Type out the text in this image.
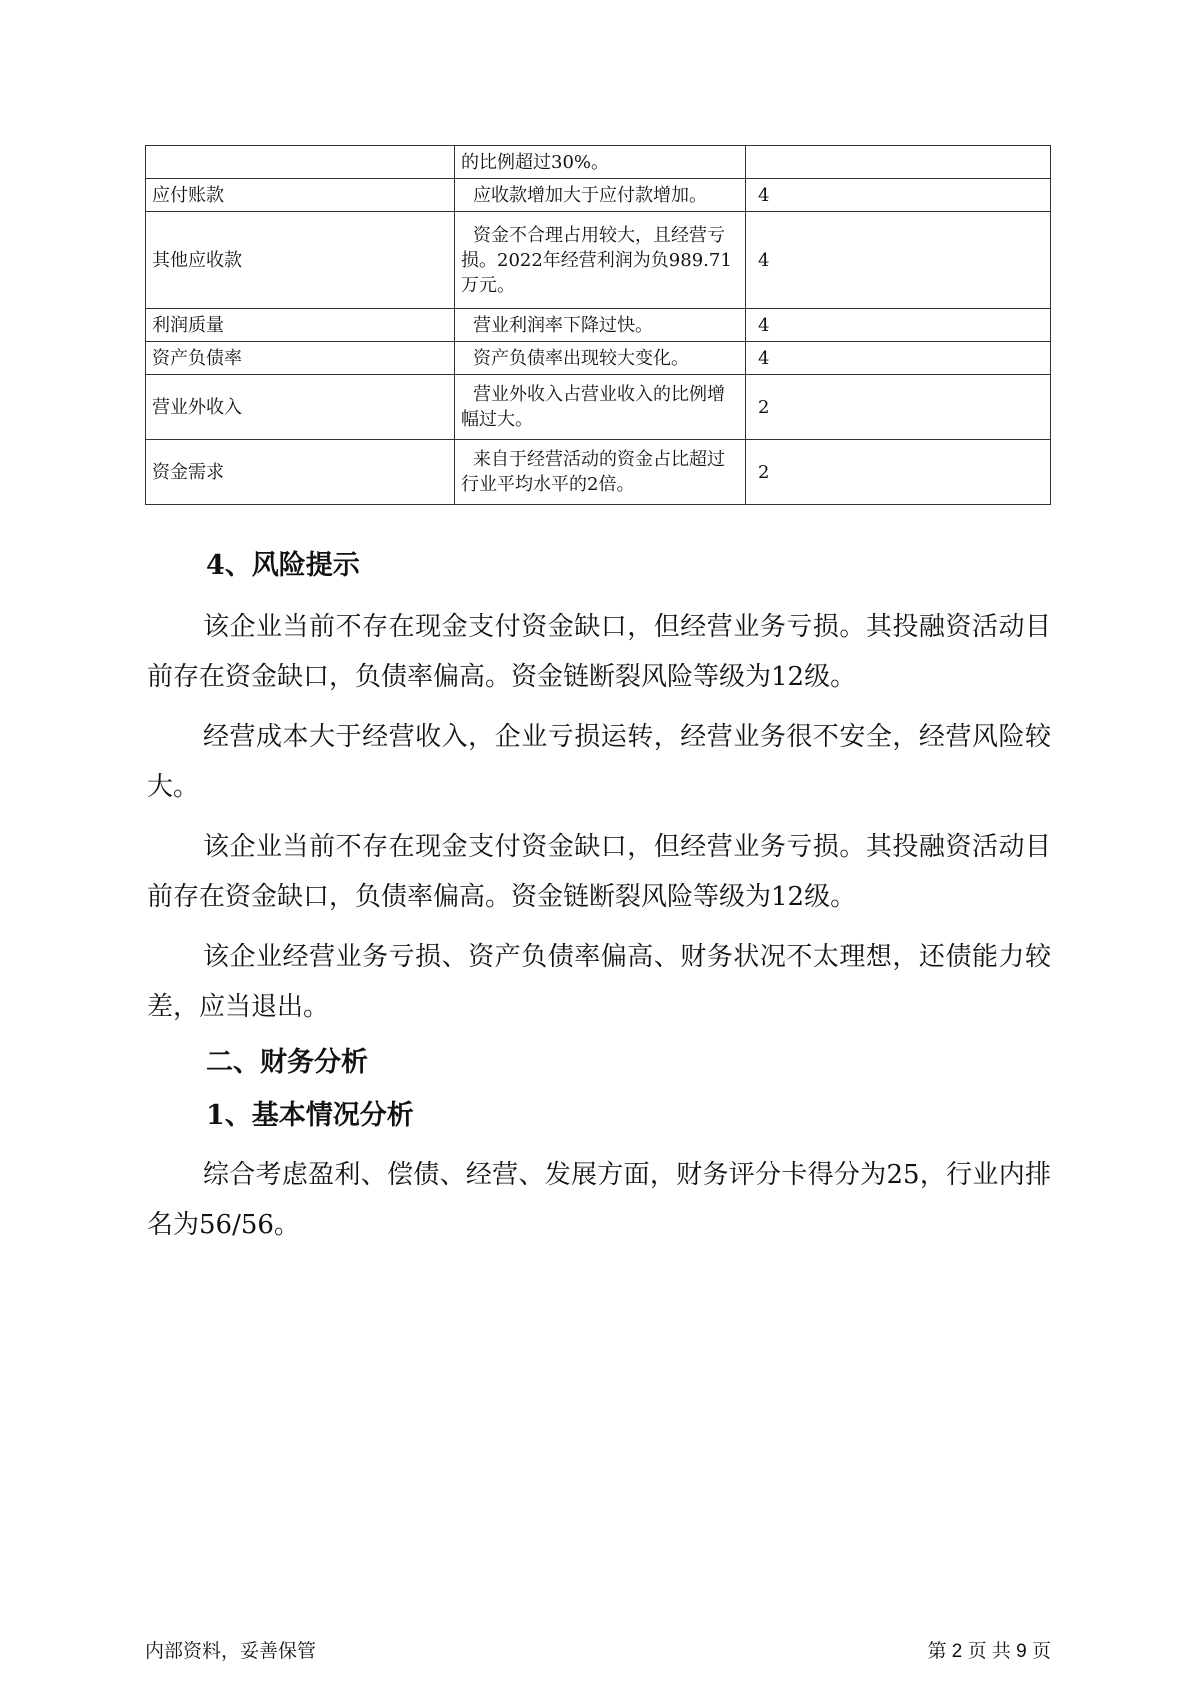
	的比例超过30%。	
应付账款	应收款增加大于应付款增加。	4
其他应收款	资金不合理占用较大，且经营亏损。2022年经营利润为负989.71万元。	4
利润质量	营业利润率下降过快。	4
资产负债率	资产负债率出现较大变化。	4
营业外收入	营业外收入占营业收入的比例增幅过大。	2
资金需求	来自于经营活动的资金占比超过行业平均水平的2倍。	2
4、风险提示
该企业当前不存在现金支付资金缺口，但经营业务亏损。其投融资活动目前存在资金缺口，负债率偏高。资金链断裂风险等级为12级。
经营成本大于经营收入，企业亏损运转，经营业务很不安全，经营风险较大。
该企业当前不存在现金支付资金缺口，但经营业务亏损。其投融资活动目前存在资金缺口，负债率偏高。资金链断裂风险等级为12级。
该企业经营业务亏损、资产负债率偏高、财务状况不太理想，还债能力较差，应当退出。
二、财务分析
1、基本情况分析
综合考虑盈利、偿债、经营、发展方面，财务评分卡得分为25，行业内排名为56/56。
内部资料，妥善保管	第 2 页 共 9 页
